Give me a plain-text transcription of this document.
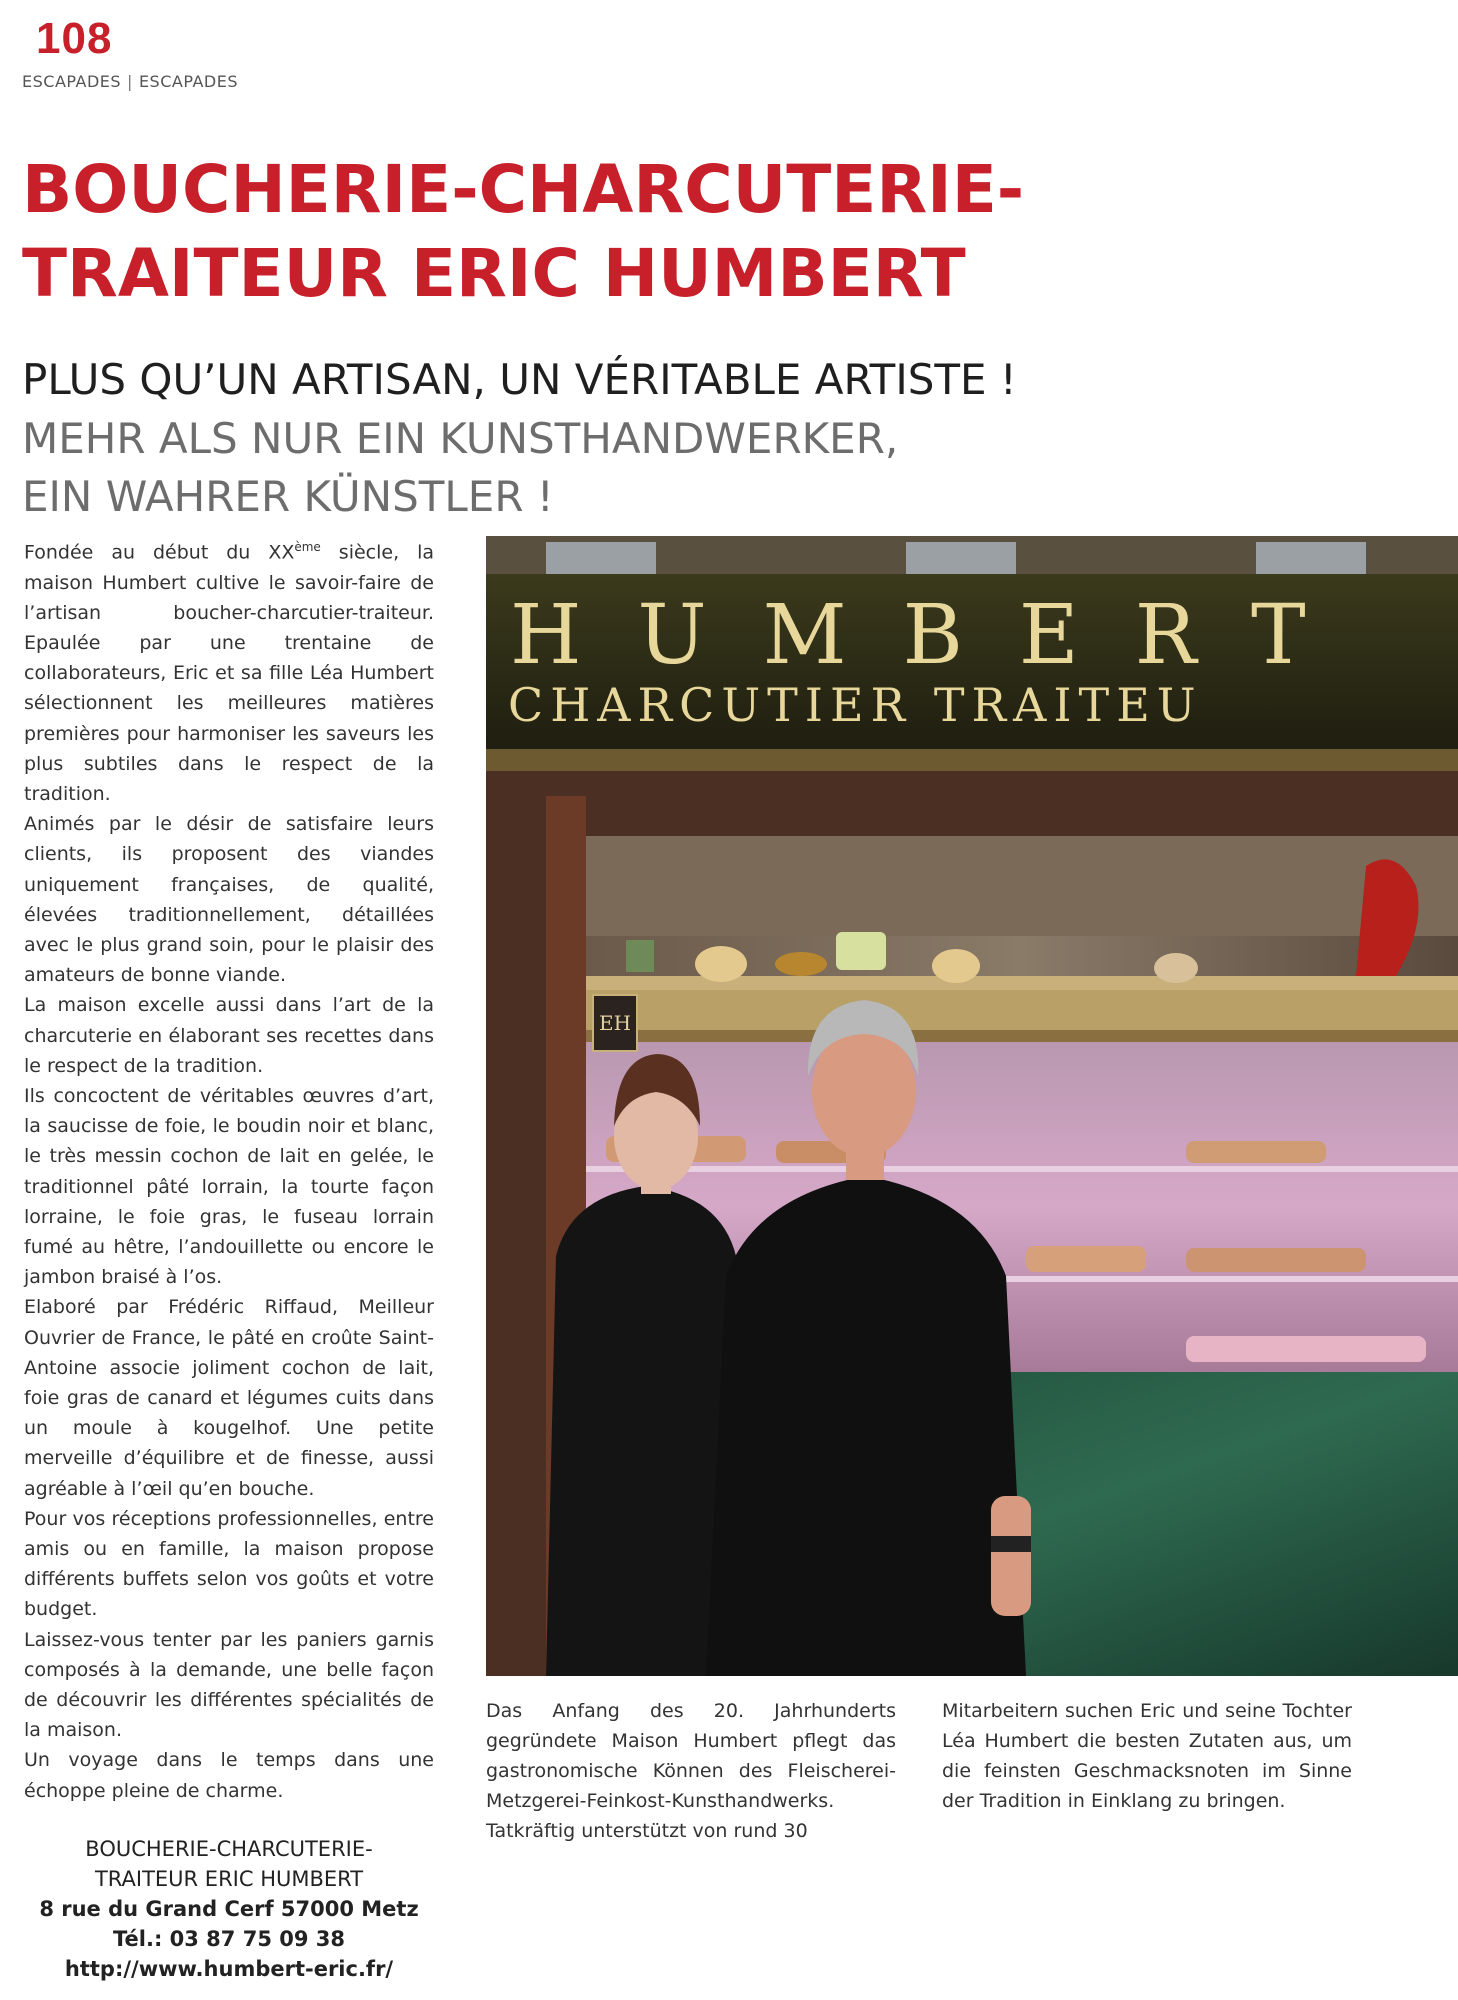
108
ESCAPADES | ESCAPADES
BOUCHERIE-CHARCUTERIE-
TRAITEUR ERIC HUMBERT
PLUS QU’UN ARTISAN, UN VÉRITABLE ARTISTE !
MEHR ALS NUR EIN KUNSTHANDWERKER,
EIN WAHRER KÜNSTLER !

Fondée au début du XXème siècle, la maison Humbert cultive le savoir-faire de l’artisan boucher-charcutier-traiteur. Epaulée par une trentaine de collaborateurs, Eric et sa fille Léa Humbert sélectionnent les meilleures matières premières pour harmoniser les saveurs les plus subtiles dans le respect de la tradition.

Animés par le désir de satisfaire leurs clients, ils proposent des viandes uniquement françaises, de qualité, élevées traditionnellement, détaillées avec le plus grand soin, pour le plaisir des amateurs de bonne viande.

La maison excelle aussi dans l’art de la charcuterie en élaborant ses recettes dans le respect de la tradition.

Ils concoctent de véritables œuvres d’art, la saucisse de foie, le boudin noir et blanc, le très messin cochon de lait en gelée, le traditionnel pâté lorrain, la tourte façon lorraine, le foie gras, le fuseau lorrain fumé au hêtre, l’andouillette ou encore le jambon braisé à l’os.

Elaboré par Frédéric Riffaud, Meilleur Ouvrier de France, le pâté en croûte Saint-Antoine associe joliment cochon de lait, foie gras de canard et légumes cuits dans un moule à kougelhof. Une petite merveille d’équilibre et de finesse, aussi agréable à l’œil qu’en bouche.

Pour vos réceptions professionnelles, entre amis ou en famille, la maison propose différents buffets selon vos goûts et votre budget.

Laissez-vous tenter par les paniers garnis composés à la demande, une belle façon de découvrir les différentes spécialités de la maison.

Un voyage dans le temps dans une échoppe pleine de charme.

BOUCHERIE-CHARCUTERIE-
TRAITEUR ERIC HUMBERT
8 rue du Grand Cerf 57000 Metz
Tél.: 03 87 75 09 38
http://www.humbert-eric.fr/
HUMBERT
CHARCUTIER TRAITEU
EH
Das Anfang des 20. Jahrhunderts gegründete Maison Humbert pflegt das gastronomische Können des Fleischerei-Metzgerei-Feinkost-Kunsthandwerks. Tatkräftig unterstützt von rund 30
Mitarbeitern suchen Eric und seine Tochter Léa Humbert die besten Zutaten aus, um die feinsten Geschmacksnoten im Sinne der Tradition in Einklang zu bringen.
